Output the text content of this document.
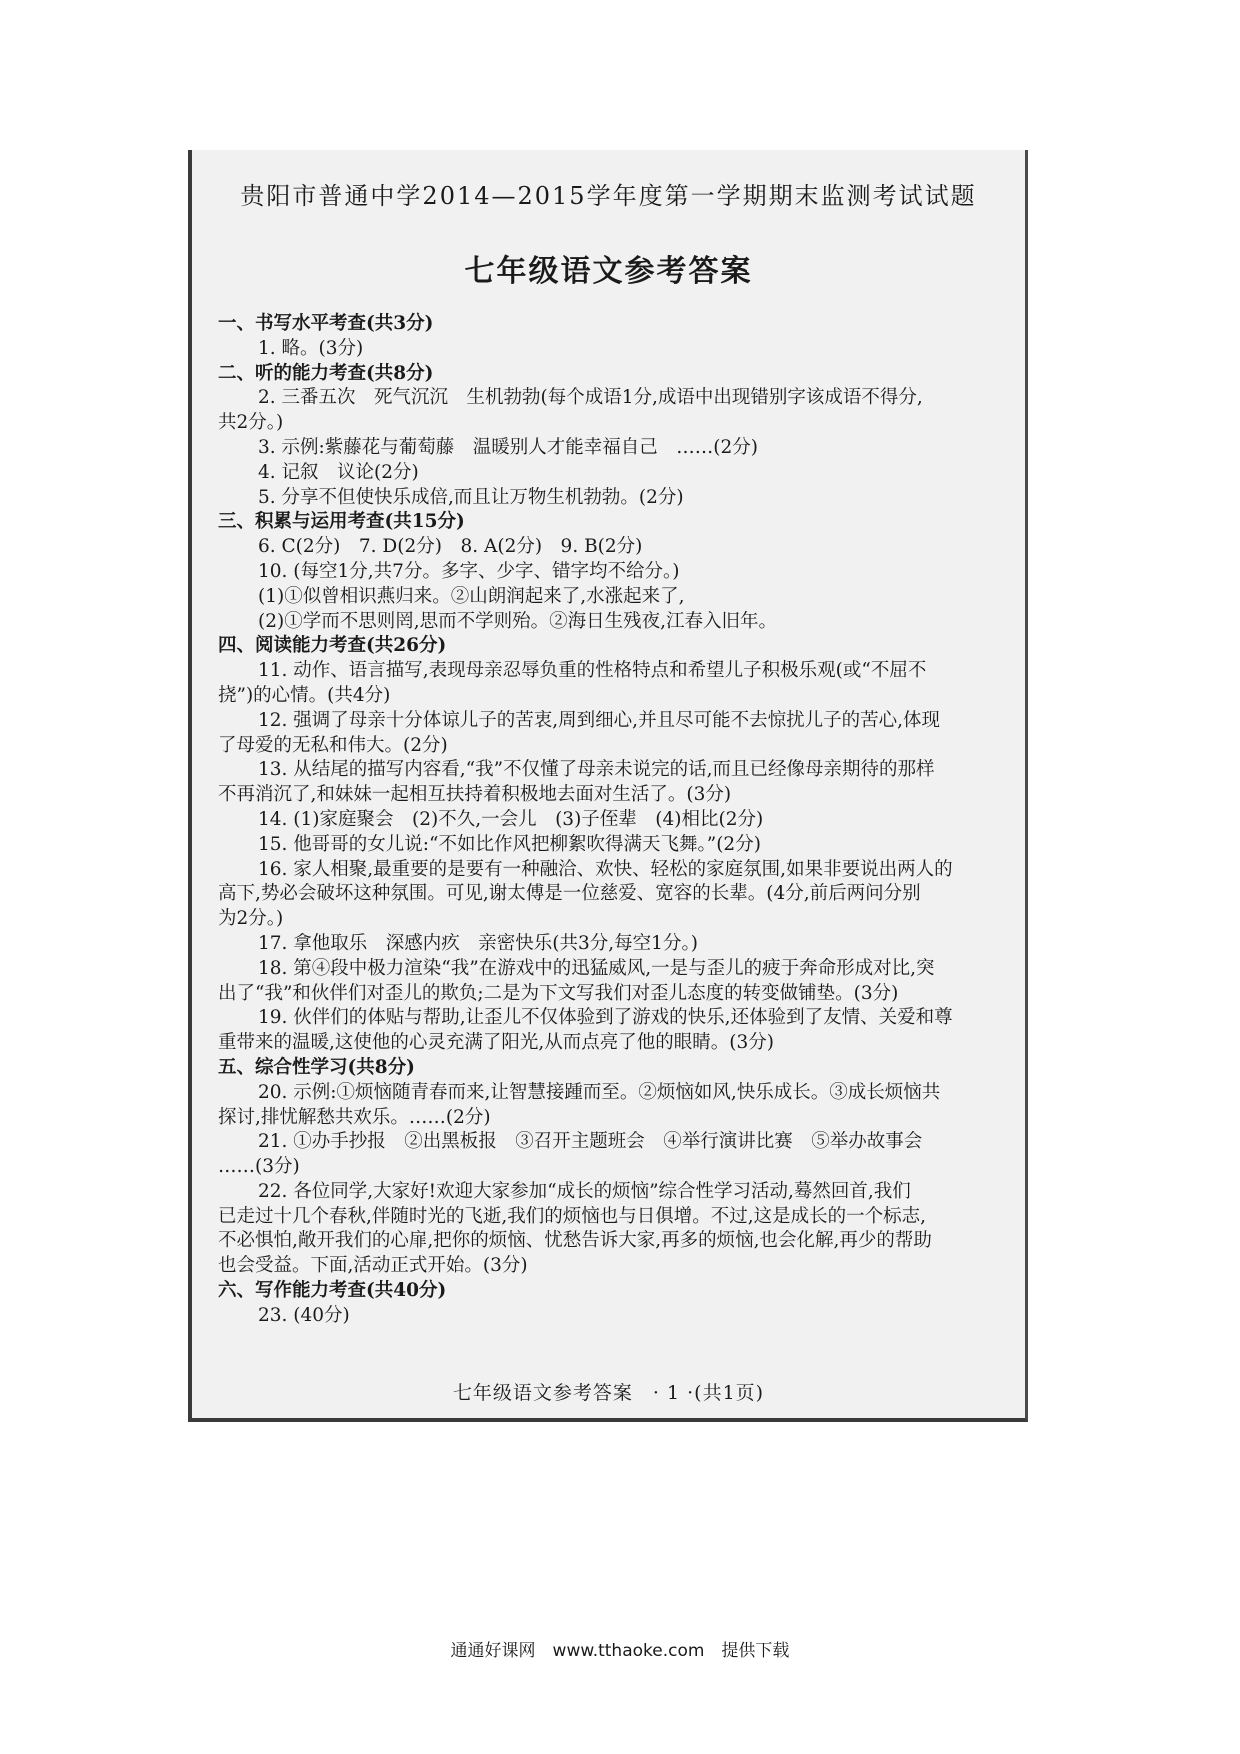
贵阳市普通中学2014—2015学年度第一学期期末监测考试试题
七年级语文参考答案
一、书写水平考查(共3分)
1. 略。(3分)
二、听的能力考查(共8分)
2. 三番五次　死气沉沉　生机勃勃(每个成语1分,成语中出现错别字该成语不得分,
共2分。)
3. 示例:紫藤花与葡萄藤　温暖别人才能幸福自己　……(2分)
4. 记叙　议论(2分)
5. 分享不但使快乐成倍,而且让万物生机勃勃。(2分)
三、积累与运用考查(共15分)
6. C(2分)　7. D(2分)　8. A(2分)　9. B(2分)
10. (每空1分,共7分。多字、少字、错字均不给分。)
(1)①似曾相识燕归来。②山朗润起来了,水涨起来了,
(2)①学而不思则罔,思而不学则殆。②海日生残夜,江春入旧年。
四、阅读能力考查(共26分)
11. 动作、语言描写,表现母亲忍辱负重的性格特点和希望儿子积极乐观(或“不屈不
挠”)的心情。(共4分)
12. 强调了母亲十分体谅儿子的苦衷,周到细心,并且尽可能不去惊扰儿子的苦心,体现
了母爱的无私和伟大。(2分)
13. 从结尾的描写内容看,“我”不仅懂了母亲未说完的话,而且已经像母亲期待的那样
不再消沉了,和妹妹一起相互扶持着积极地去面对生活了。(3分)
14. (1)家庭聚会　(2)不久,一会儿　(3)子侄辈　(4)相比(2分)
15. 他哥哥的女儿说:“不如比作风把柳絮吹得满天飞舞。”(2分)
16. 家人相聚,最重要的是要有一种融洽、欢快、轻松的家庭氛围,如果非要说出两人的
高下,势必会破坏这种氛围。可见,谢太傅是一位慈爱、宽容的长辈。(4分,前后两问分别
为2分。)
17. 拿他取乐　深感内疚　亲密快乐(共3分,每空1分。)
18. 第④段中极力渲染“我”在游戏中的迅猛威风,一是与歪儿的疲于奔命形成对比,突
出了“我”和伙伴们对歪儿的欺负;二是为下文写我们对歪儿态度的转变做铺垫。(3分)
19. 伙伴们的体贴与帮助,让歪儿不仅体验到了游戏的快乐,还体验到了友情、关爱和尊
重带来的温暖,这使他的心灵充满了阳光,从而点亮了他的眼睛。(3分)
五、综合性学习(共8分)
20. 示例:①烦恼随青春而来,让智慧接踵而至。②烦恼如风,快乐成长。③成长烦恼共
探讨,排忧解愁共欢乐。……(2分)
21. ①办手抄报　②出黑板报　③召开主题班会　④举行演讲比赛　⑤举办故事会
……(3分)
22. 各位同学,大家好!欢迎大家参加“成长的烦恼”综合性学习活动,蓦然回首,我们
已走过十几个春秋,伴随时光的飞逝,我们的烦恼也与日俱增。不过,这是成长的一个标志,
不必惧怕,敞开我们的心扉,把你的烦恼、忧愁告诉大家,再多的烦恼,也会化解,再少的帮助
也会受益。下面,活动正式开始。(3分)
六、写作能力考查(共40分)
23. (40分)
七年级语文参考答案　· 1 ·(共1页)
通通好课网　www.tthaoke.com　提供下载
